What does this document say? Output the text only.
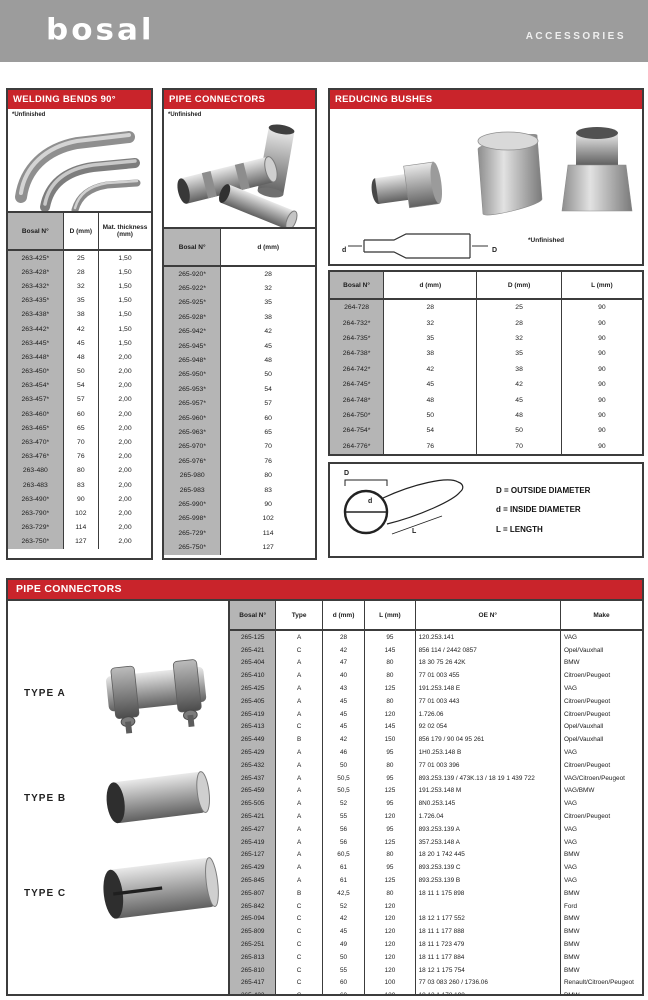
bosal	ACCESSORIES
WELDING BENDS 90°
*Unfinished
Bosal N°	D (mm)	Mat. thickness (mm)
263-425*	25	1,50
263-428*	28	1,50
263-432*	32	1,50
263-435*	35	1,50
263-438*	38	1,50
263-442*	42	1,50
263-445*	45	1,50
263-448*	48	2,00
263-450*	50	2,00
263-454*	54	2,00
263-457*	57	2,00
263-460*	60	2,00
263-465*	65	2,00
263-470*	70	2,00
263-476*	76	2,00
263-480	80	2,00
263-483	83	2,00
263-490*	90	2,00
263-790*	102	2,00
263-729*	114	2,00
263-750*	127	2,00
PIPE CONNECTORS
*Unfinished
Bosal N°	d (mm)
265-920*	28
265-922*	32
265-925*	35
265-928*	38
265-942*	42
265-945*	45
265-948*	48
265-950*	50
265-953*	54
265-957*	57
265-960*	60
265-963*	65
265-970*	70
265-976*	76
265-980	80
265-983	83
265-990*	90
265-998*	102
265-729*	114
265-750*	127
REDUCING BUSHES
d	D
*Unfinished
Bosal N°	d (mm)	D (mm)	L (mm)
264-728	28	25	90
264-732*	32	28	90
264-735*	35	32	90
264-738*	38	35	90
264-742*	42	38	90
264-745*	45	42	90
264-748*	48	45	90
264-750*	50	48	90
264-754*	54	50	90
264-776*	76	70	90
D
d
L
D = OUTSIDE DIAMETER
d = INSIDE DIAMETER
L = LENGTH
PIPE CONNECTORS
TYPE A
TYPE B
TYPE C
Bosal N°	Type	d (mm)	L (mm)	OE N°	Make
265-125	A	28	95	120.253.141	VAG
265-421	C	42	145	856 114 / 2442 0857	Opel/Vauxhall
265-404	A	47	80	18 30 75 26 42K	BMW
265-410	A	40	80	77 01 003 455	Citroen/Peugeot
265-425	A	43	125	191.253.148 E	VAG
265-405	A	45	80	77 01 003 443	Citroen/Peugeot
265-419	A	45	120	1.726.06	Citroen/Peugeot
265-413	C	45	145	92 02 054	Opel/Vauxhall
265-449	B	42	150	856 179 / 90 04 95 261	Opel/Vauxhall
265-429	A	46	95	1H0.253.148 B	VAG
265-432	A	50	80	77 01 003 396	Citroen/Peugeot
265-437	A	50,5	95	893.253.139 / 473K.13 / 18 19 1 439 722	VAG/Citroen/Peugeot
265-459	A	50,5	125	191.253.148 M	VAG/BMW
265-505	A	52	95	8N0.253.145	VAG
265-421	A	55	120	1.726.04	Citroen/Peugeot
265-427	A	56	95	893.253.139 A	VAG
265-419	A	56	125	357.253.148 A	VAG
265-127	A	60,5	80	18 20 1 742 445	BMW
265-429	A	61	95	893.253.139 C	VAG
265-845	A	61	125	893.253.139 B	VAG
265-807	B	42,5	80	18 11 1 175 898	BMW
265-842	C	52	120		Ford
265-094	C	42	120	18 12 1 177 552	BMW
265-809	C	45	120	18 11 1 177 888	BMW
265-251	C	49	120	18 11 1 723 479	BMW
265-813	C	50	120	18 11 1 177 884	BMW
265-810	C	55	120	18 12 1 175 754	BMW
265-417	C	60	100	77 03 083 260 / 1736.06	Renault/Citroen/Peugeot
265-423	C	60	120	18 12 1 178 198	BMW
